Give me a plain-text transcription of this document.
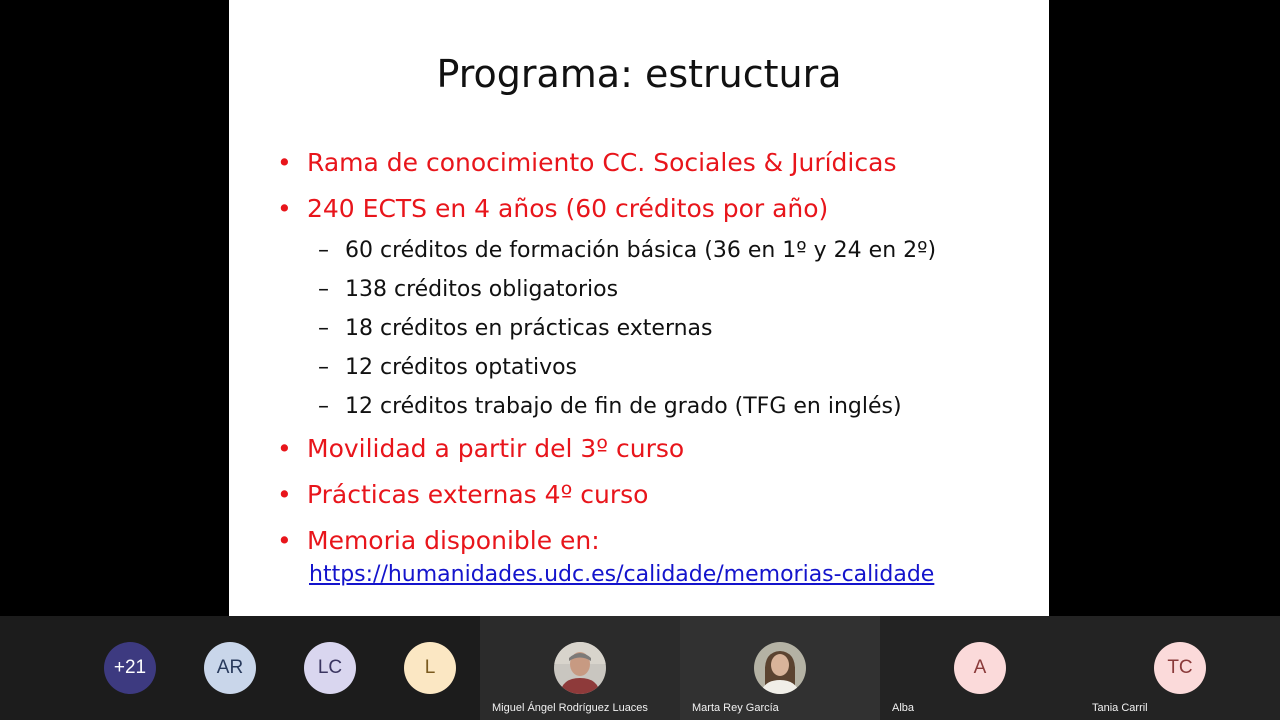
Programa: estructura
• Rama de conocimiento CC. Sociales & Jurídicas
• 240 ECTS en 4 años (60 créditos por año)
– 60 créditos de formación básica (36 en 1º y 24 en 2º)
– 138 créditos obligatorios
– 18 créditos en prácticas externas
– 12 créditos optativos
– 12 créditos trabajo de fin de grado (TFG en inglés)
• Movilidad a partir del 3º curso
• Prácticas externas 4º curso
• Memoria disponible en:
https://humanidades.udc.es/calidade/memorias-calidade
+21	AR	LC	L
Miguel Ángel Rodríguez Luaces	Marta Rey García
A
Alba
TC
Tania Carril
